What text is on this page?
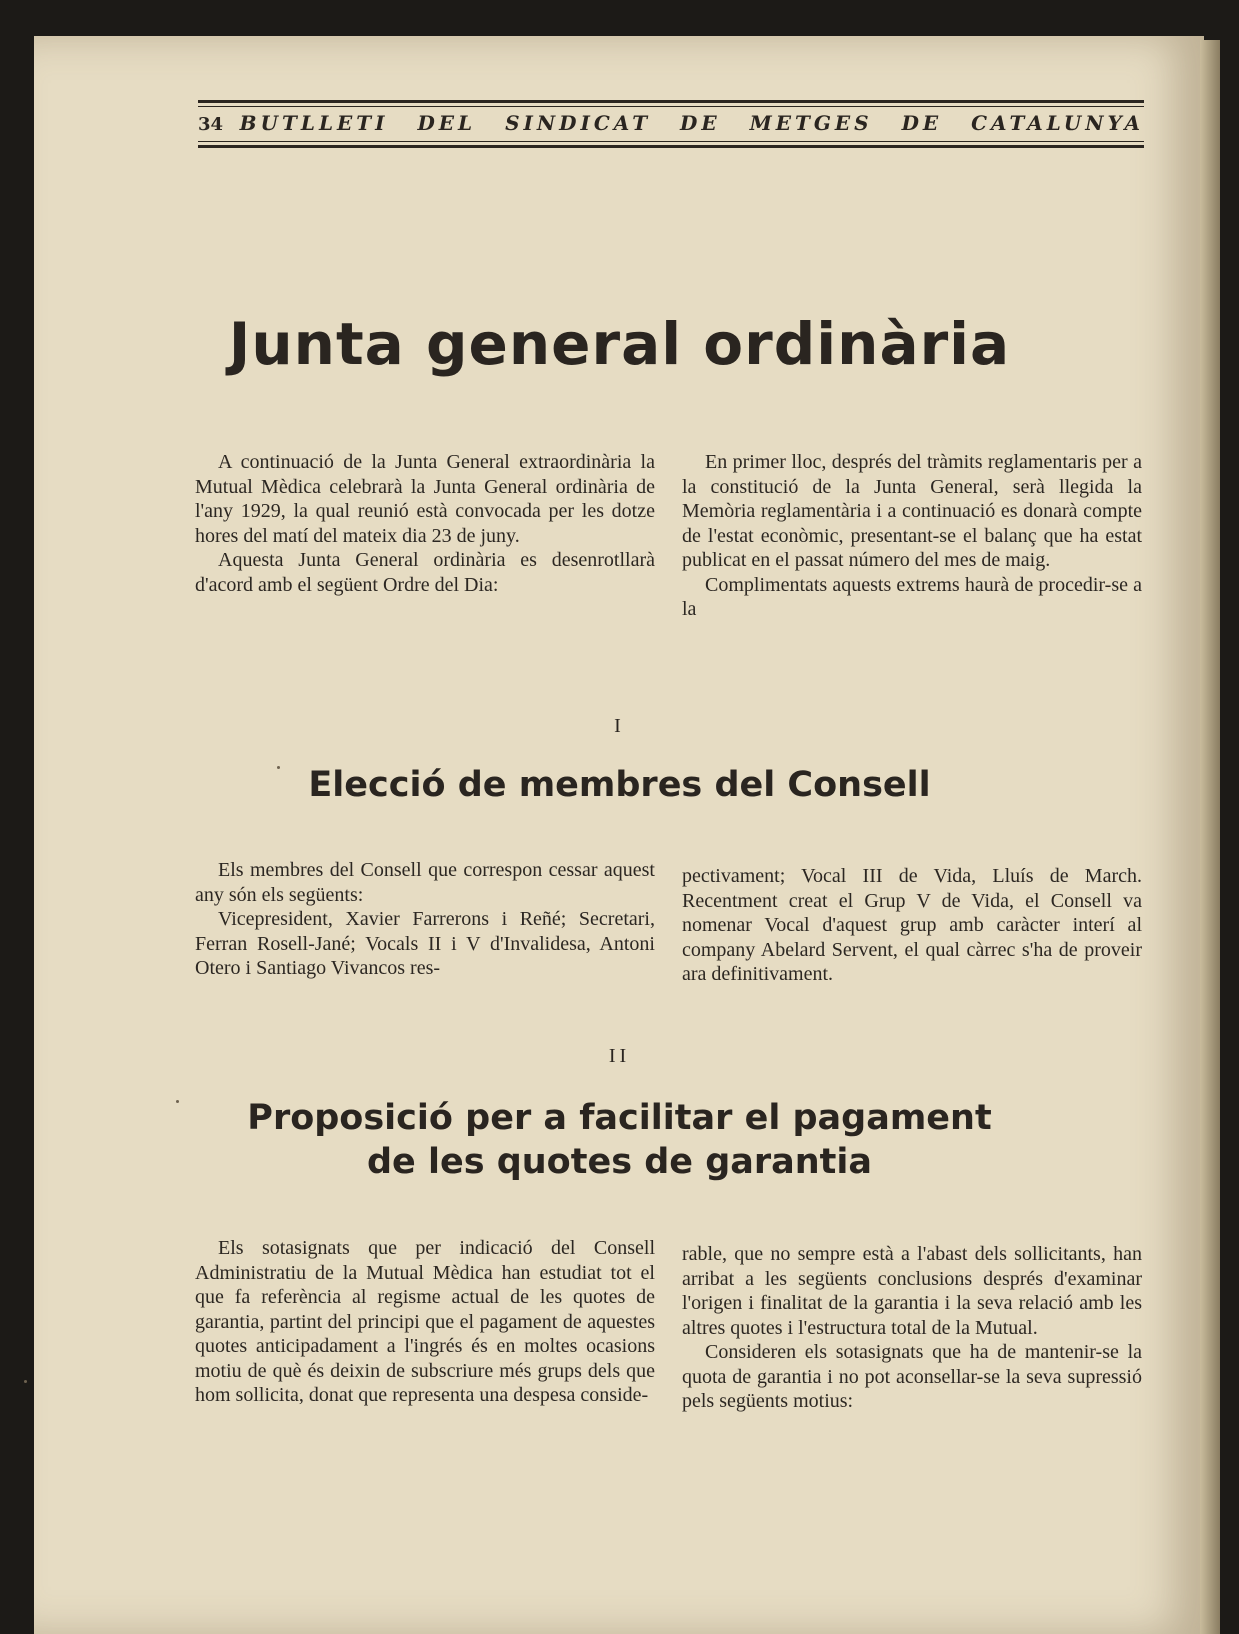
34 BUTLLETI DEL SINDICAT DE METGES DE CATALUNYA
Junta general ordinària

A continuació de la Junta General extraordinària la Mutual Mèdica celebrarà la Junta General ordinària de l'any 1929, la qual reunió està convocada per les dotze hores del matí del mateix dia 23 de juny.

Aquesta Junta General ordinària es desenrotllarà d'acord amb el següent Ordre del Dia:

En primer lloc, després del tràmits reglamentaris per a la constitució de la Junta General, serà llegida la Memòria reglamentària i a continuació es donarà compte de l'estat econòmic, presentant-se el balanç que ha estat publicat en el passat número del mes de maig.

Complimentats aquests extrems haurà de procedir-se a la

I
Elecció de membres del Consell

Els membres del Consell que correspon cessar aquest any són els següents:

Vicepresident, Xavier Farrerons i Reñé; Secretari, Ferran Rosell-Jané; Vocals II i V d'Invalidesa, Antoni Otero i Santiago Vivancos res-

pectivament; Vocal III de Vida, Lluís de March. Recentment creat el Grup V de Vida, el Consell va nomenar Vocal d'aquest grup amb caràcter interí al company Abelard Servent, el qual càrrec s'ha de proveir ara definitivament.

II
Proposició per a facilitar el pagament
de les quotes de garantia

Els sotasignats que per indicació del Consell Administratiu de la Mutual Mèdica han estudiat tot el que fa referència al regisme actual de les quotes de garantia, partint del principi que el pagament de aquestes quotes anticipadament a l'ingrés és en moltes ocasions motiu de què és deixin de subscriure més grups dels que hom sollicita, donat que representa una despesa conside-

rable, que no sempre està a l'abast dels sollicitants, han arribat a les següents conclusions després d'examinar l'origen i finalitat de la garantia i la seva relació amb les altres quotes i l'estructura total de la Mutual.

Consideren els sotasignats que ha de mantenir-se la quota de garantia i no pot aconsellar-se la seva supressió pels següents motius:
